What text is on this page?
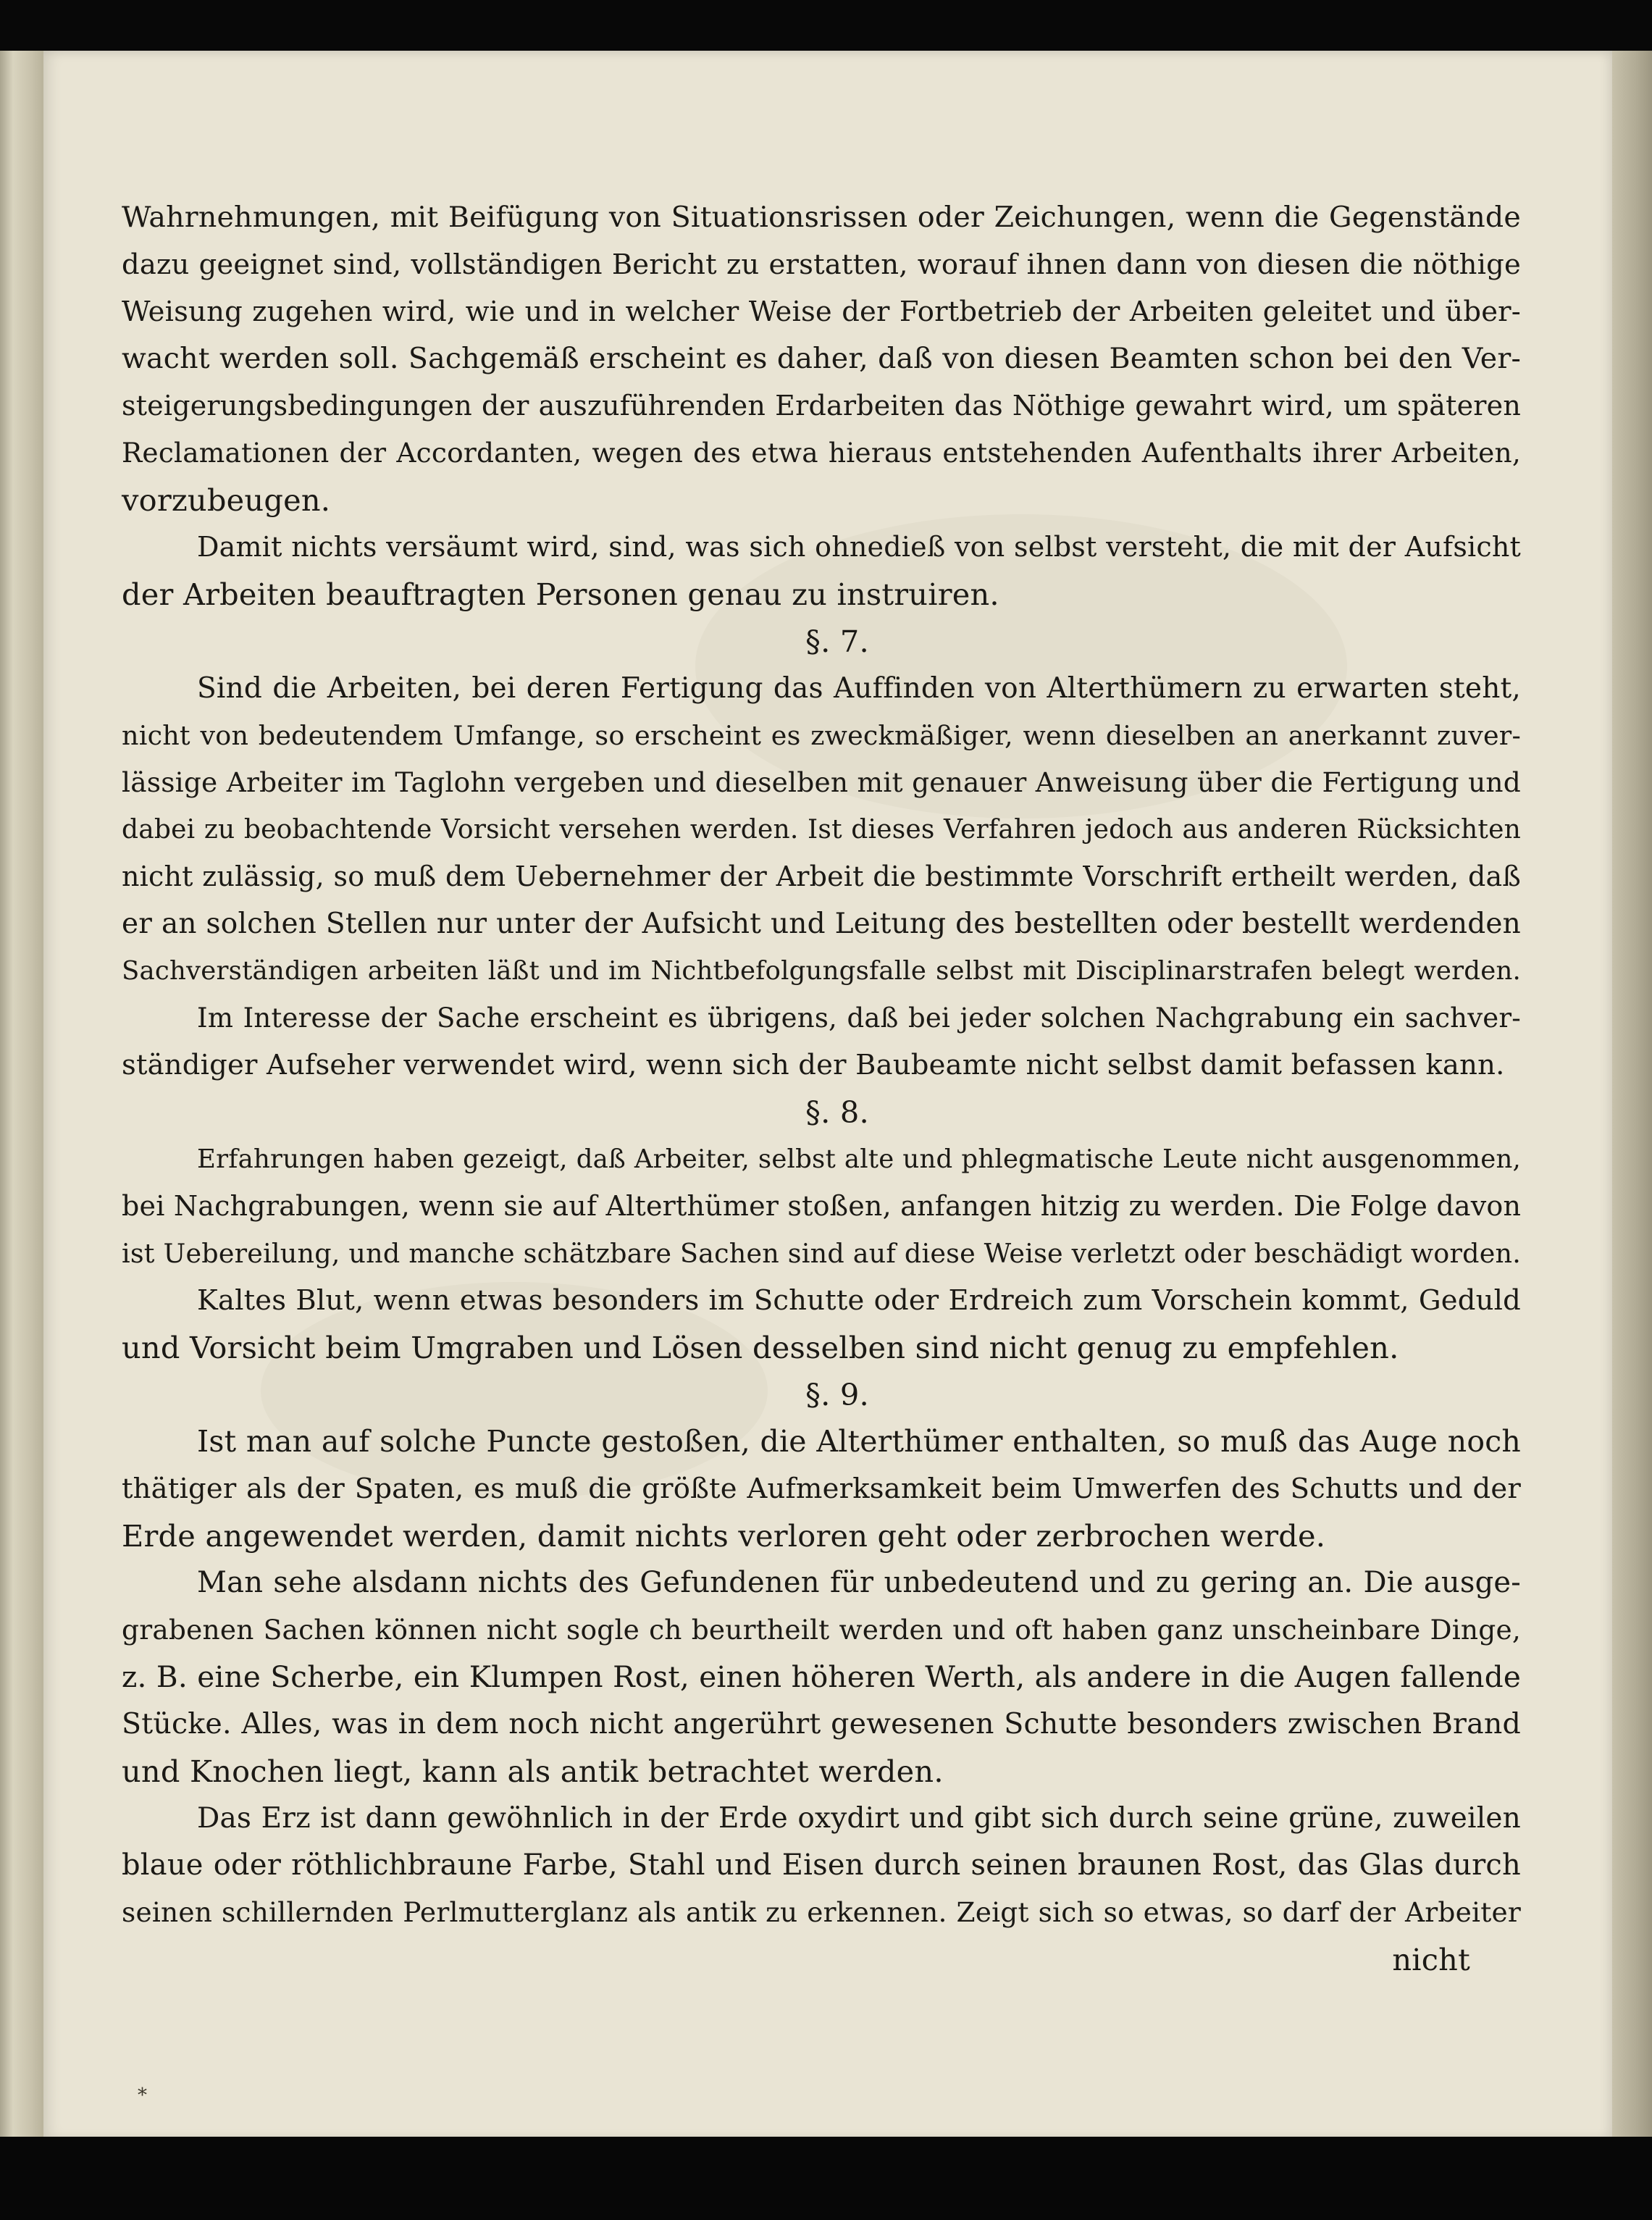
Wahrnehmungen, mit Beifügung von Situationsrissen oder Zeichungen, wenn die Gegenstände
dazu geeignet sind, vollständigen Bericht zu erstatten, worauf ihnen dann von diesen die nöthige
Weisung zugehen wird, wie und in welcher Weise der Fortbetrieb der Arbeiten geleitet und über-
wacht werden soll. Sachgemäß erscheint es daher, daß von diesen Beamten schon bei den Ver-
steigerungsbedingungen der auszuführenden Erdarbeiten das Nöthige gewahrt wird, um späteren
Reclamationen der Accordanten, wegen des etwa hieraus entstehenden Aufenthalts ihrer Arbeiten,
vorzubeugen.
Damit nichts versäumt wird, sind, was sich ohnedieß von selbst versteht, die mit der Aufsicht
der Arbeiten beauftragten Personen genau zu instruiren.
§. 7.
Sind die Arbeiten, bei deren Fertigung das Auffinden von Alterthümern zu erwarten steht,
nicht von bedeutendem Umfange, so erscheint es zweckmäßiger, wenn dieselben an anerkannt zuver-
lässige Arbeiter im Taglohn vergeben und dieselben mit genauer Anweisung über die Fertigung und
dabei zu beobachtende Vorsicht versehen werden. Ist dieses Verfahren jedoch aus anderen Rücksichten
nicht zulässig, so muß dem Uebernehmer der Arbeit die bestimmte Vorschrift ertheilt werden, daß
er an solchen Stellen nur unter der Aufsicht und Leitung des bestellten oder bestellt werdenden
Sachverständigen arbeiten läßt und im Nichtbefolgungsfalle selbst mit Disciplinarstrafen belegt werden.
Im Interesse der Sache erscheint es übrigens, daß bei jeder solchen Nachgrabung ein sachver-
ständiger Aufseher verwendet wird, wenn sich der Baubeamte nicht selbst damit befassen kann.
§. 8.
Erfahrungen haben gezeigt, daß Arbeiter, selbst alte und phlegmatische Leute nicht ausgenommen,
bei Nachgrabungen, wenn sie auf Alterthümer stoßen, anfangen hitzig zu werden. Die Folge davon
ist Uebereilung, und manche schätzbare Sachen sind auf diese Weise verletzt oder beschädigt worden.
Kaltes Blut, wenn etwas besonders im Schutte oder Erdreich zum Vorschein kommt, Geduld
und Vorsicht beim Umgraben und Lösen desselben sind nicht genug zu empfehlen.
§. 9.
Ist man auf solche Puncte gestoßen, die Alterthümer enthalten, so muß das Auge noch
thätiger als der Spaten, es muß die größte Aufmerksamkeit beim Umwerfen des Schutts und der
Erde angewendet werden, damit nichts verloren geht oder zerbrochen werde.
Man sehe alsdann nichts des Gefundenen für unbedeutend und zu gering an. Die ausge-
grabenen Sachen können nicht sogle ch beurtheilt werden und oft haben ganz unscheinbare Dinge,
z. B. eine Scherbe, ein Klumpen Rost, einen höheren Werth, als andere in die Augen fallende
Stücke. Alles, was in dem noch nicht angerührt gewesenen Schutte besonders zwischen Brand
und Knochen liegt, kann als antik betrachtet werden.
Das Erz ist dann gewöhnlich in der Erde oxydirt und gibt sich durch seine grüne, zuweilen
blaue oder röthlichbraune Farbe, Stahl und Eisen durch seinen braunen Rost, das Glas durch
seinen schillernden Perlmutterglanz als antik zu erkennen. Zeigt sich so etwas, so darf der Arbeiter
nicht
⁎
